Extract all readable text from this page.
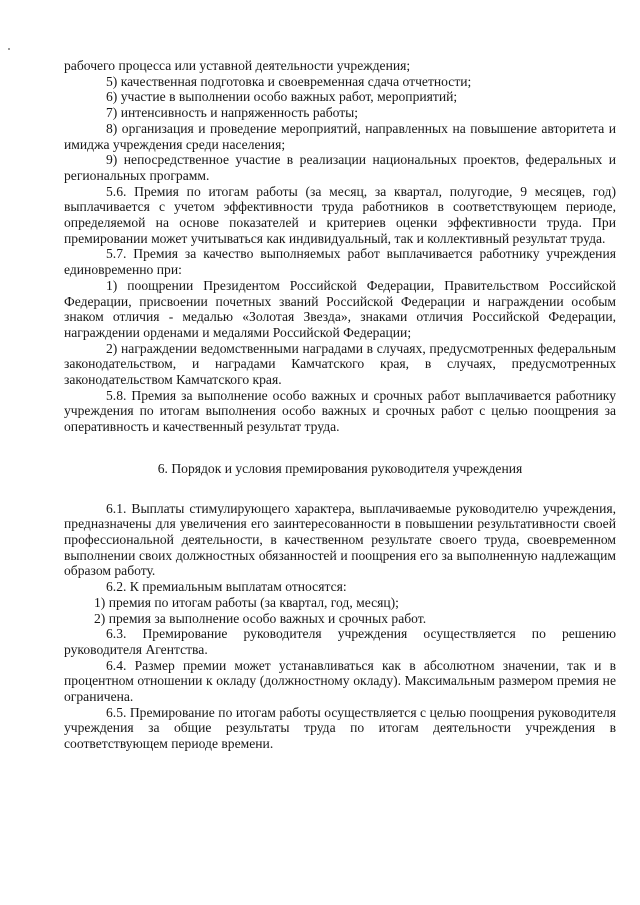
рабочего процесса или уставной деятельности учреждения;

5) качественная подготовка и своевременная сдача отчетности;

6) участие в выполнении особо важных работ, мероприятий;

7) интенсивность и напряженность работы;

8) организация и проведение мероприятий, направленных на повышение авторитета и имиджа учреждения среди населения;

9) непосредственное участие в реализации национальных проектов, федеральных и региональных программ.

5.6. Премия по итогам работы (за месяц, за квартал, полугодие, 9 месяцев, год) выплачивается с учетом эффективности труда работников в соответствующем периоде, определяемой на основе показателей и критериев оценки эффективности труда. При премировании может учитываться как индивидуальный, так и коллективный результат труда.

5.7. Премия за качество выполняемых работ выплачивается работнику учреждения единовременно при:

1) поощрении Президентом Российской Федерации, Правительством Российской Федерации, присвоении почетных званий Российской Федерации и награждении особым знаком отличия - медалью «Золотая Звезда», знаками отличия Российской Федерации, награждении орденами и медалями Российской Федерации;

2) награждении ведомственными наградами в случаях, предусмотренных федеральным законодательством, и наградами Камчатского края, в случаях, предусмотренных законодательством Камчатского края.

5.8. Премия за выполнение особо важных и срочных работ выплачивается работнику учреждения по итогам выполнения особо важных и срочных работ с целью поощрения за оперативность и качественный результат труда.

6. Порядок и условия премирования руководителя учреждения

6.1. Выплаты стимулирующего характера, выплачиваемые руководителю учреждения, предназначены для увеличения его заинтересованности в повышении результативности своей профессиональной деятельности, в качественном результате своего труда, своевременном выполнении своих должностных обязанностей и поощрения его за выполненную надлежащим образом работу.

6.2. К премиальным выплатам относятся:

1) премия по итогам работы (за квартал, год, месяц);

2) премия за выполнение особо важных и срочных работ.

6.3. Премирование руководителя учреждения осуществляется по решению руководителя Агентства.

6.4. Размер премии может устанавливаться как в абсолютном значении, так и в процентном отношении к окладу (должностному окладу). Максимальным размером премия не ограничена.

6.5. Премирование по итогам работы осуществляется с целью поощрения руководителя учреждения за общие результаты труда по итогам деятельности учреждения в соответствующем периоде времени.
